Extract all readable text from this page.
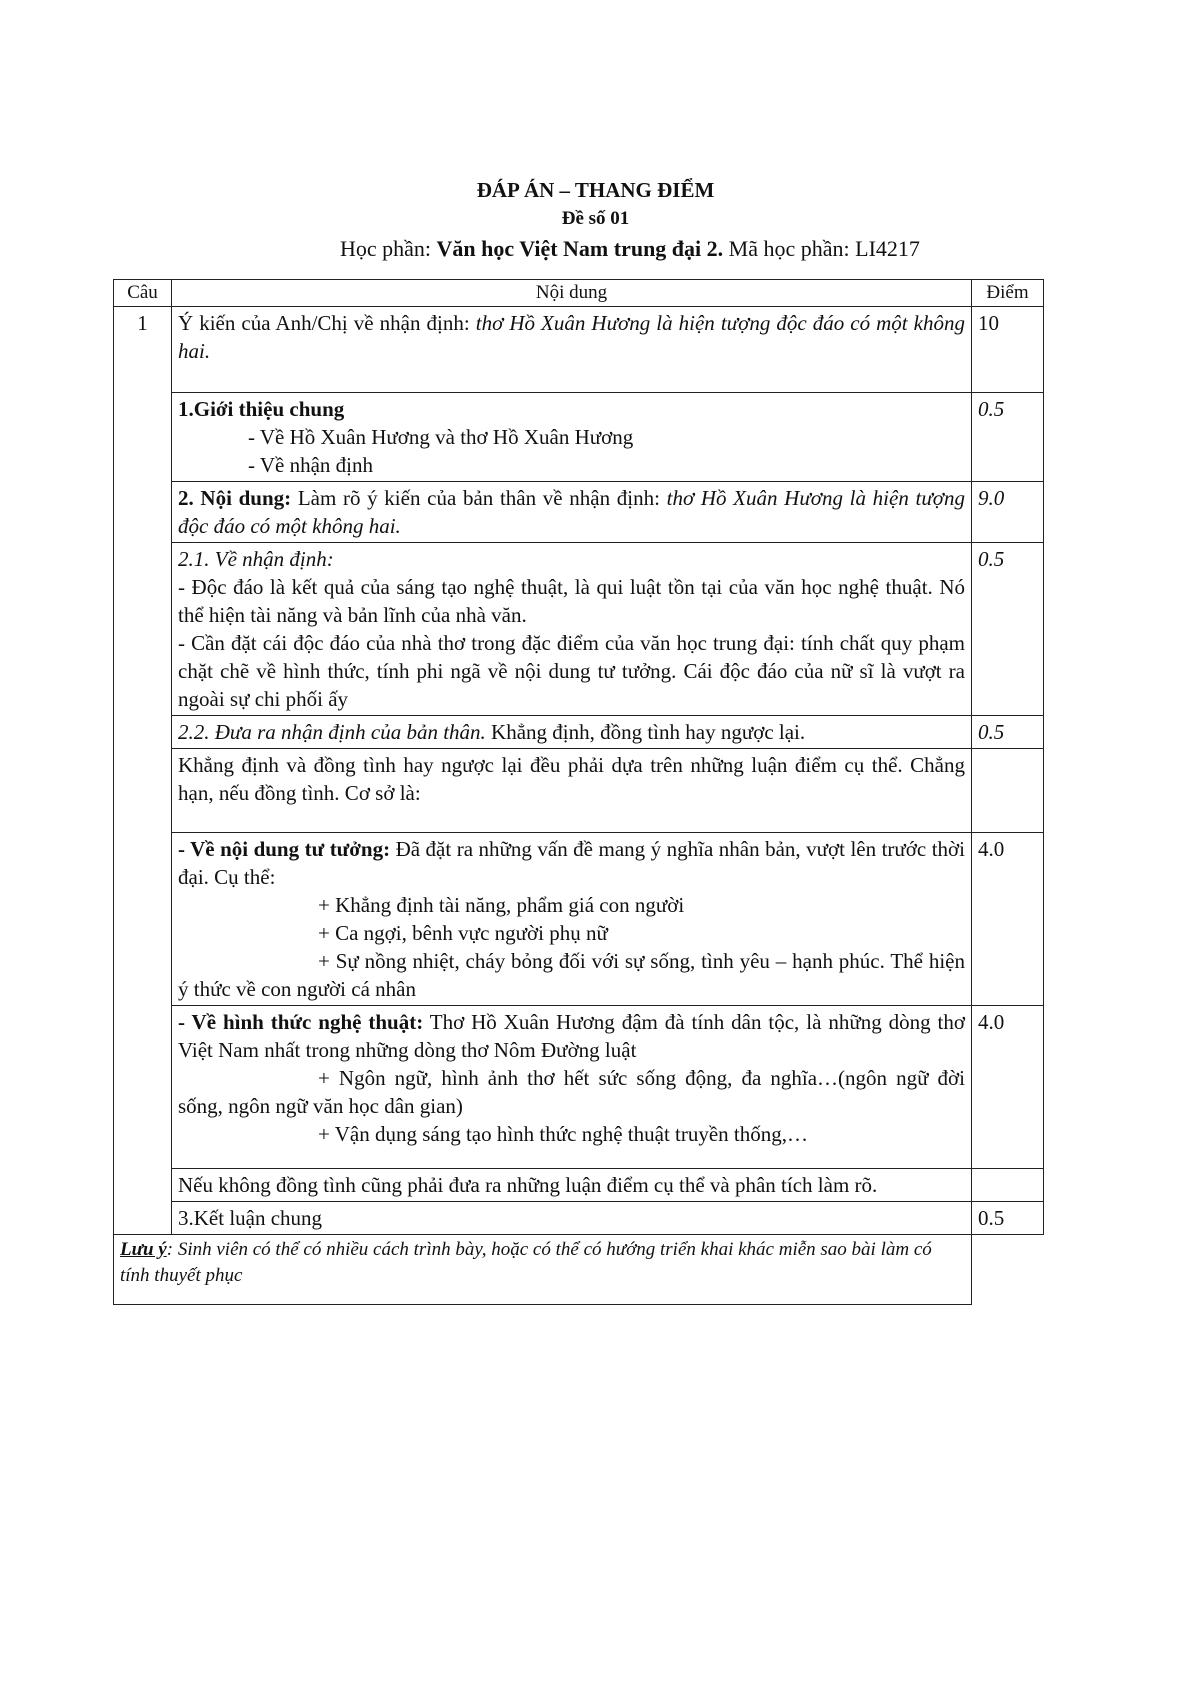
ĐÁP ÁN – THANG ĐIỂM
Đề số 01
Học phần: Văn học Việt Nam trung đại 2. Mã học phần: LI4217
Câu	Nội dung	Điểm
1	Ý kiến của Anh/Chị về nhận định: thơ Hồ Xuân Hương là hiện tượng độc đáo có một không hai.	10

	1.Giới thiệu chung
- Về Hồ Xuân Hương và thơ Hồ Xuân Hương
- Về nhận định	0.5
	2. Nội dung: Làm rõ ý kiến của bản thân về nhận định: thơ Hồ Xuân Hương là hiện tượng độc đáo có một không hai.	9.0

	2.1. Về nhận định:
- Độc đáo là kết quả của sáng tạo nghệ thuật, là qui luật tồn tại của văn học nghệ thuật. Nó thể hiện tài năng và bản lĩnh của nhà văn.
- Cần đặt cái độc đáo của nhà thơ trong đặc điểm của văn học trung đại: tính chất quy phạm chặt chẽ về hình thức, tính phi ngã về nội dung tư tưởng. Cái độc đáo của nữ sĩ là vượt ra ngoài sự chi phối ấy	0.5
	2.2. Đưa ra nhận định của bản thân. Khẳng định, đồng tình hay ngược lại.	0.5
	Khẳng định và đồng tình hay ngược lại đều phải dựa trên những luận điểm cụ thể. Chẳng hạn, nếu đồng tình. Cơ sở là:	

	- Về nội dung tư tưởng: Đã đặt ra những vấn đề mang ý nghĩa nhân bản, vượt lên trước thời đại. Cụ thể:
+ Khẳng định tài năng, phẩm giá con người
+ Ca ngợi, bênh vực người phụ nữ
+ Sự nồng nhiệt, cháy bỏng đối với sự sống, tình yêu – hạnh phúc. Thể hiện ý thức về con người cá nhân	4.0

	- Về hình thức nghệ thuật: Thơ Hồ Xuân Hương đậm đà tính dân tộc, là những dòng thơ Việt Nam nhất trong những dòng thơ Nôm Đường luật
+ Ngôn ngữ, hình ảnh thơ hết sức sống động, đa nghĩa…(ngôn ngữ đời sống, ngôn ngữ văn học dân gian)
+ Vận dụng sáng tạo hình thức nghệ thuật truyền thống,…	4.0
	Nếu không đồng tình cũng phải đưa ra những luận điểm cụ thể và phân tích làm rõ.	
	3.Kết luận chung	0.5
Lưu ý: Sinh viên có thể có nhiều cách trình bày, hoặc có thể có hướng triển khai khác miễn sao bài làm có tính thuyết phục		
